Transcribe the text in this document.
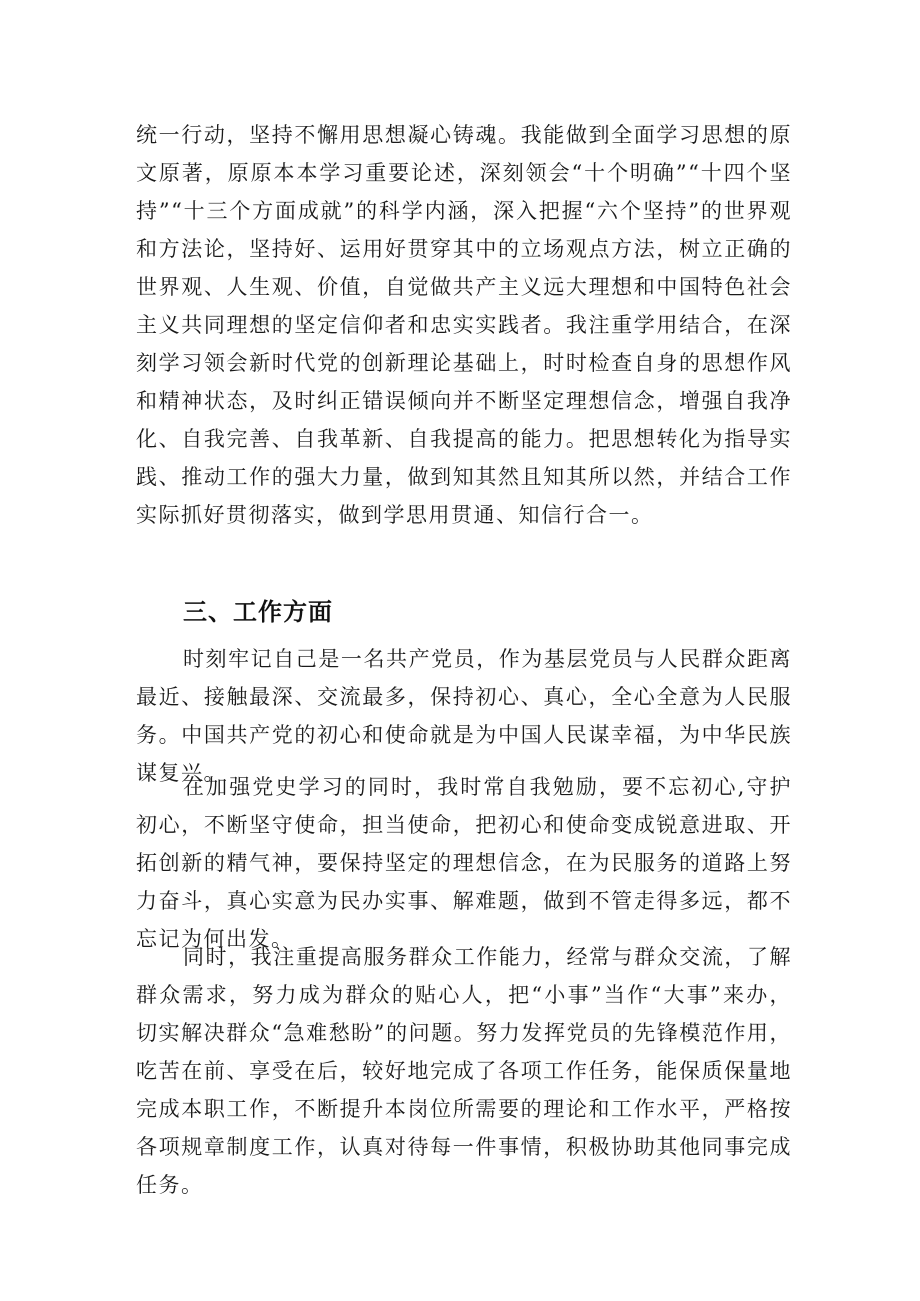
统一行动，坚持不懈用思想凝心铸魂。我能做到全面学习思想的原文原著，原原本本学习重要论述，深刻领会“十个明确”“十四个坚持”“十三个方面成就”的科学内涵，深入把握“六个坚持”的世界观和方法论，坚持好、运用好贯穿其中的立场观点方法，树立正确的世界观、人生观、价值，自觉做共产主义远大理想和中国特色社会主义共同理想的坚定信仰者和忠实实践者。我注重学用结合，在深刻学习领会新时代党的创新理论基础上，时时检查自身的思想作风和精神状态，及时纠正错误倾向并不断坚定理想信念，增强自我净化、自我完善、自我革新、自我提高的能力。把思想转化为指导实践、推动工作的强大力量，做到知其然且知其所以然，并结合工作实际抓好贯彻落实，做到学思用贯通、知信行合一。

三、工作方面

时刻牢记自己是一名共产党员，作为基层党员与人民群众距离最近、接触最深、交流最多，保持初心、真心，全心全意为人民服务。中国共产党的初心和使命就是为中国人民谋幸福，为中华民族谋复兴。

在加强党史学习的同时，我时常自我勉励，要不忘初心,守护初心，不断坚守使命，担当使命，把初心和使命变成锐意进取、开拓创新的精气神，要保持坚定的理想信念，在为民服务的道路上努力奋斗，真心实意为民办实事、解难题，做到不管走得多远，都不忘记为何出发。

同时，我注重提高服务群众工作能力，经常与群众交流，了解群众需求，努力成为群众的贴心人，把“小事”当作“大事”来办，切实解决群众“急难愁盼”的问题。努力发挥党员的先锋模范作用，吃苦在前、享受在后，较好地完成了各项工作任务，能保质保量地完成本职工作，不断提升本岗位所需要的理论和工作水平，严格按各项规章制度工作，认真对待每一件事情，积极协助其他同事完成任务。
